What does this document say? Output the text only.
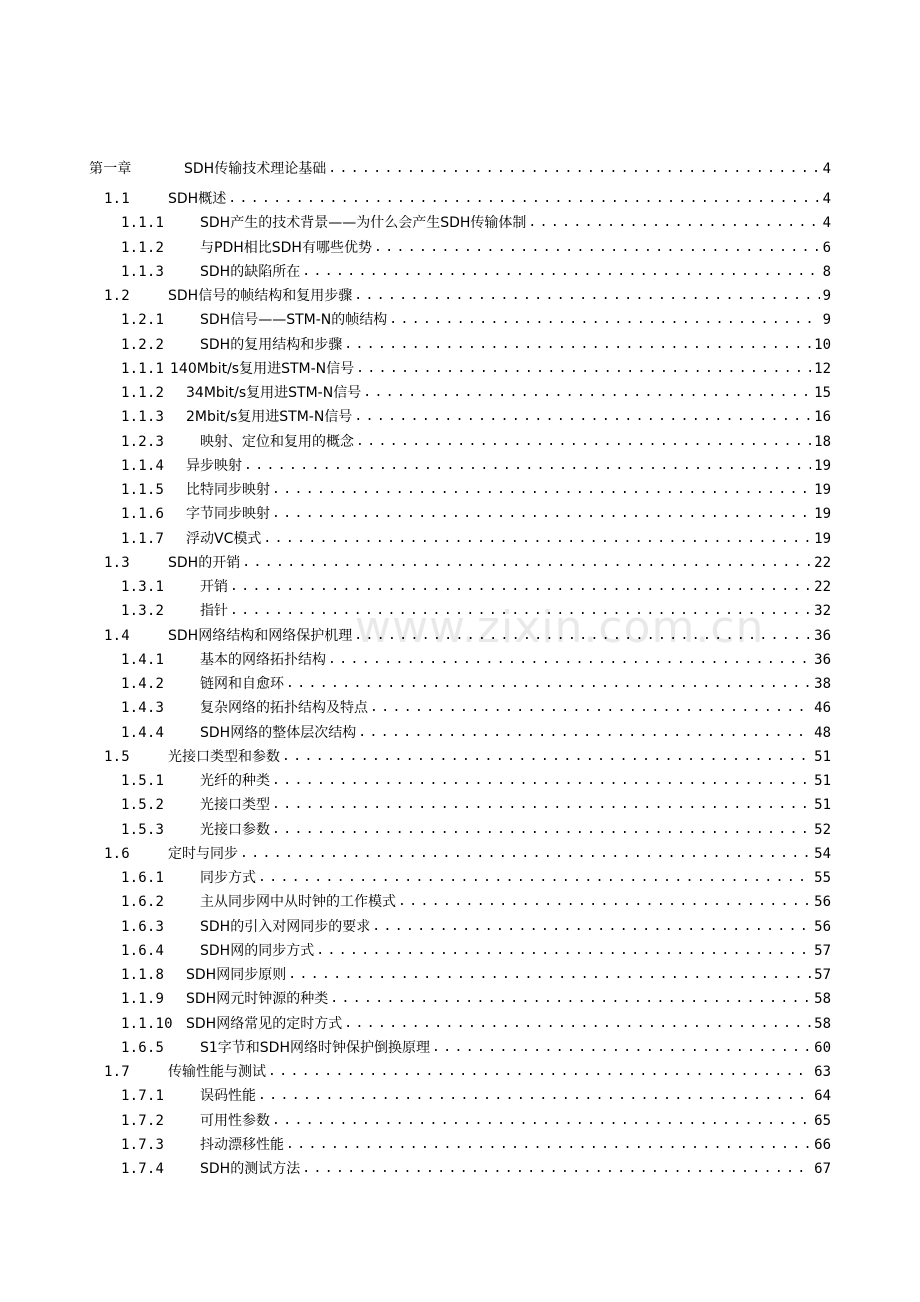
www.zixin.com.cn
第一章	SDH传输技术理论基础 . . .	4
1.1	SDH概述 . . .	4
1.1.1	SDH产生的技术背景——为什么会产生SDH传输体制 . . .	4
1.1.2	与PDH相比SDH有哪些优势 . . .	6
1.1.3	SDH的缺陷所在 . . .	8
1.2	SDH信号的帧结构和复用步骤 . . .	9
1.2.1	SDH信号——STM-N的帧结构 . . .	9
1.2.2	SDH的复用结构和步骤 . . .	10
1.1.1 140Mbit/s复用进STM-N信号 . . .	12
1.1.2 34Mbit/s复用进STM-N信号 . . .	15
1.1.3 2Mbit/s复用进STM-N信号 . . .	16
1.2.3	映射、定位和复用的概念 . . .	18
1.1.4 异步映射 . . .	19
1.1.5 比特同步映射 . . .	19
1.1.6 字节同步映射 . . .	19
1.1.7 浮动VC模式 . . .	19
1.3	SDH的开销 . . .	22
1.3.1	开销 . . .	22
1.3.2	指针 . . .	32
1.4	SDH网络结构和网络保护机理 . . .	36
1.4.1	基本的网络拓扑结构 . . .	36
1.4.2	链网和自愈环 . . .	38
1.4.3	复杂网络的拓扑结构及特点 . . .	46
1.4.4	SDH网络的整体层次结构 . . .	48
1.5	光接口类型和参数 . . .	51
1.5.1	光纤的种类 . . .	51
1.5.2	光接口类型 . . .	51
1.5.3	光接口参数 . . .	52
1.6	定时与同步 . . .	54
1.6.1	同步方式 . . .	55
1.6.2	主从同步网中从时钟的工作模式 . . .	56
1.6.3	SDH的引入对网同步的要求 . . .	56
1.6.4	SDH网的同步方式 . . .	57
1.1.8 SDH网同步原则 . . .	57
1.1.9 SDH网元时钟源的种类 . . .	58
1.1.10 SDH网络常见的定时方式 . . .	58
1.6.5	S1字节和SDH网络时钟保护倒换原理 . . .	60
1.7	传输性能与测试 . . .	63
1.7.1	误码性能 . . .	64
1.7.2	可用性参数 . . .	65
1.7.3	抖动漂移性能 . . .	66
1.7.4	SDH的测试方法 . . .	67
